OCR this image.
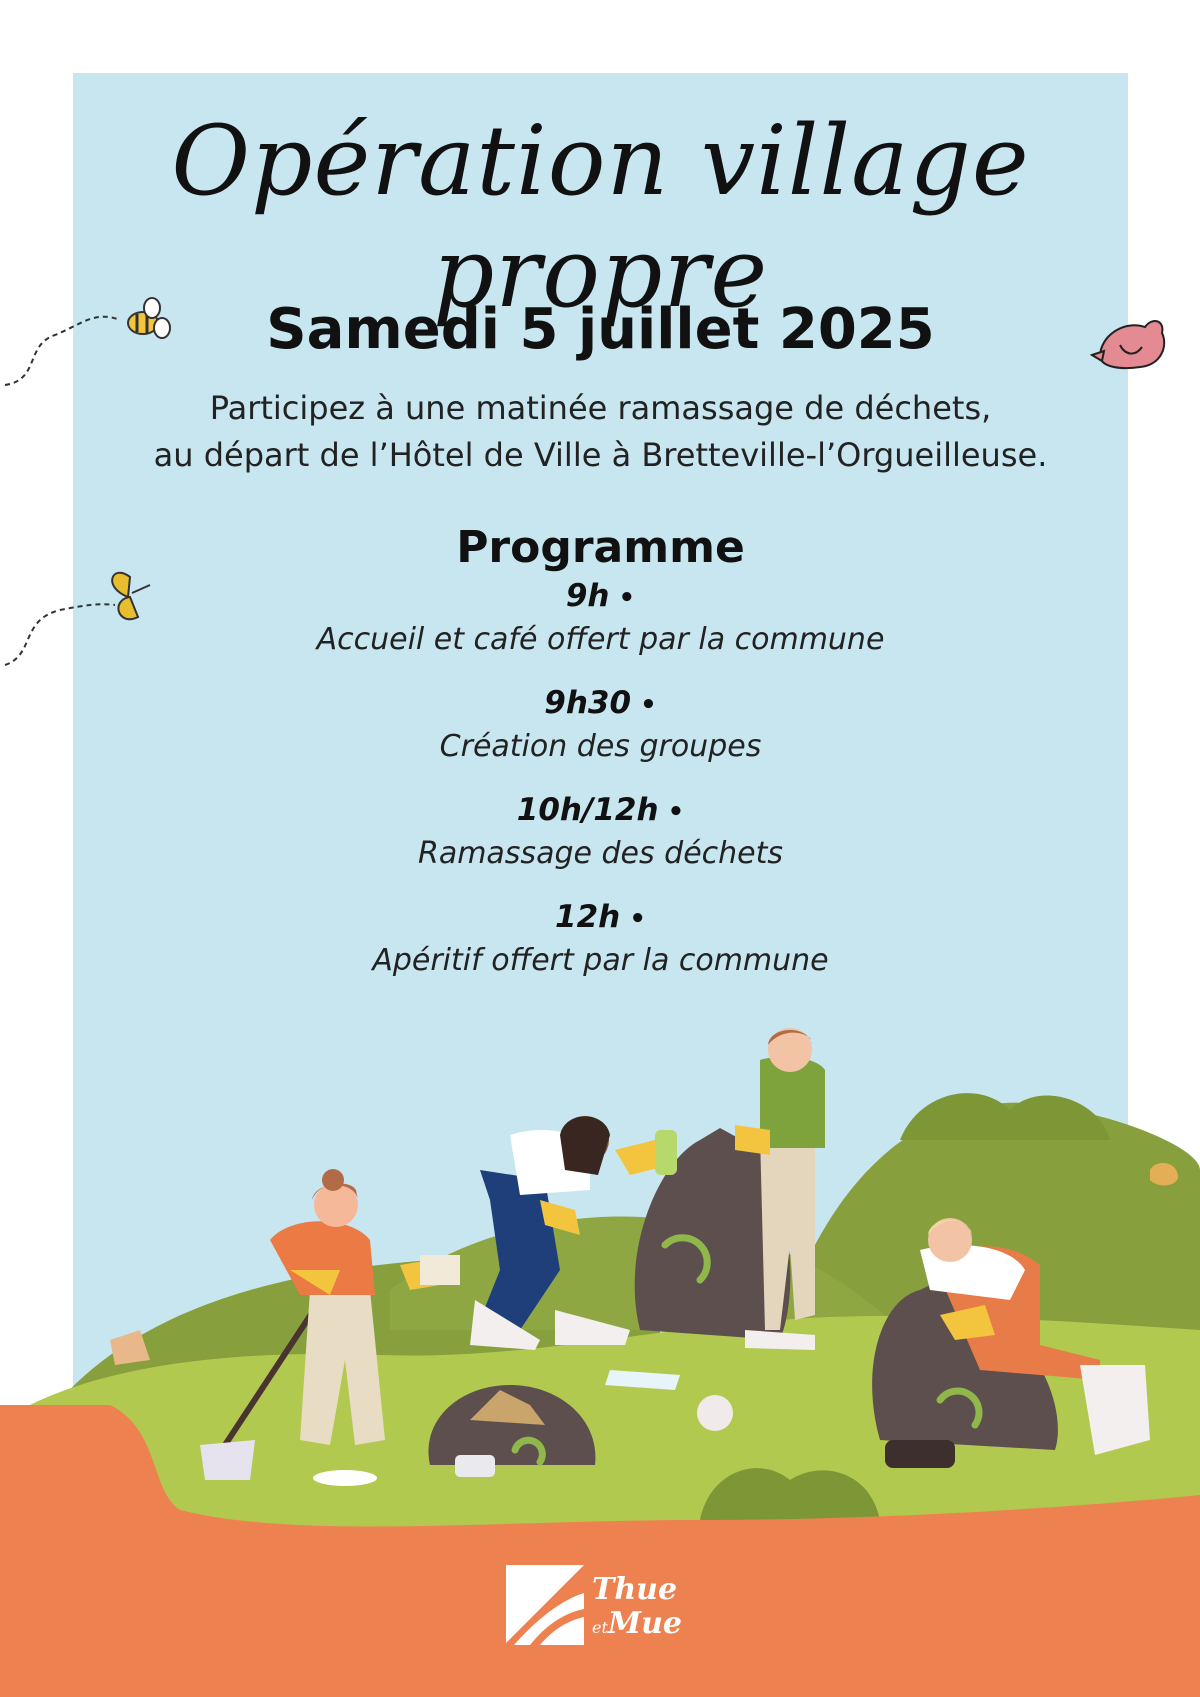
Opération village propre
Samedi 5 juillet 2025
Participez à une matinée ramassage de déchets,
au départ de l’Hôtel de Ville à Bretteville-l’Orgueilleuse.
Programme
9h •
Accueil et café offert par la commune
9h30 •
Création des groupes
10h/12h •
Ramassage des déchets
12h •
Apéritif offert par la commune
Thue
etMue
